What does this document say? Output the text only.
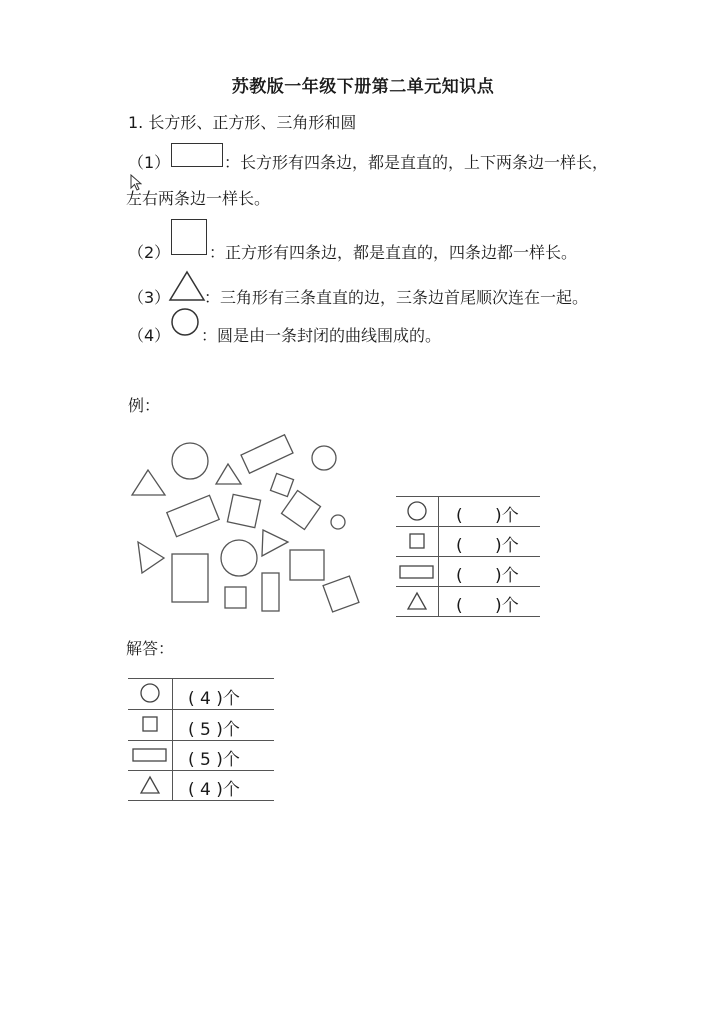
苏教版一年级下册第二单元知识点
1. 长方形、正方形、三角形和圆
（1）	：长方形有四条边，都是直直的，上下两条边一样长，
左右两条边一样长。
（2） ：正方形有四条边，都是直直的，四条边都一样长。
（3） ：三角形有三条直直的边，三条边首尾顺次连在一起。
（4） ：圆是由一条封闭的曲线围成的。
例：
(      )个
(      )个
(      )个
(      )个
解答：
( 4 )个
( 5 )个
( 5 )个
( 4 )个
